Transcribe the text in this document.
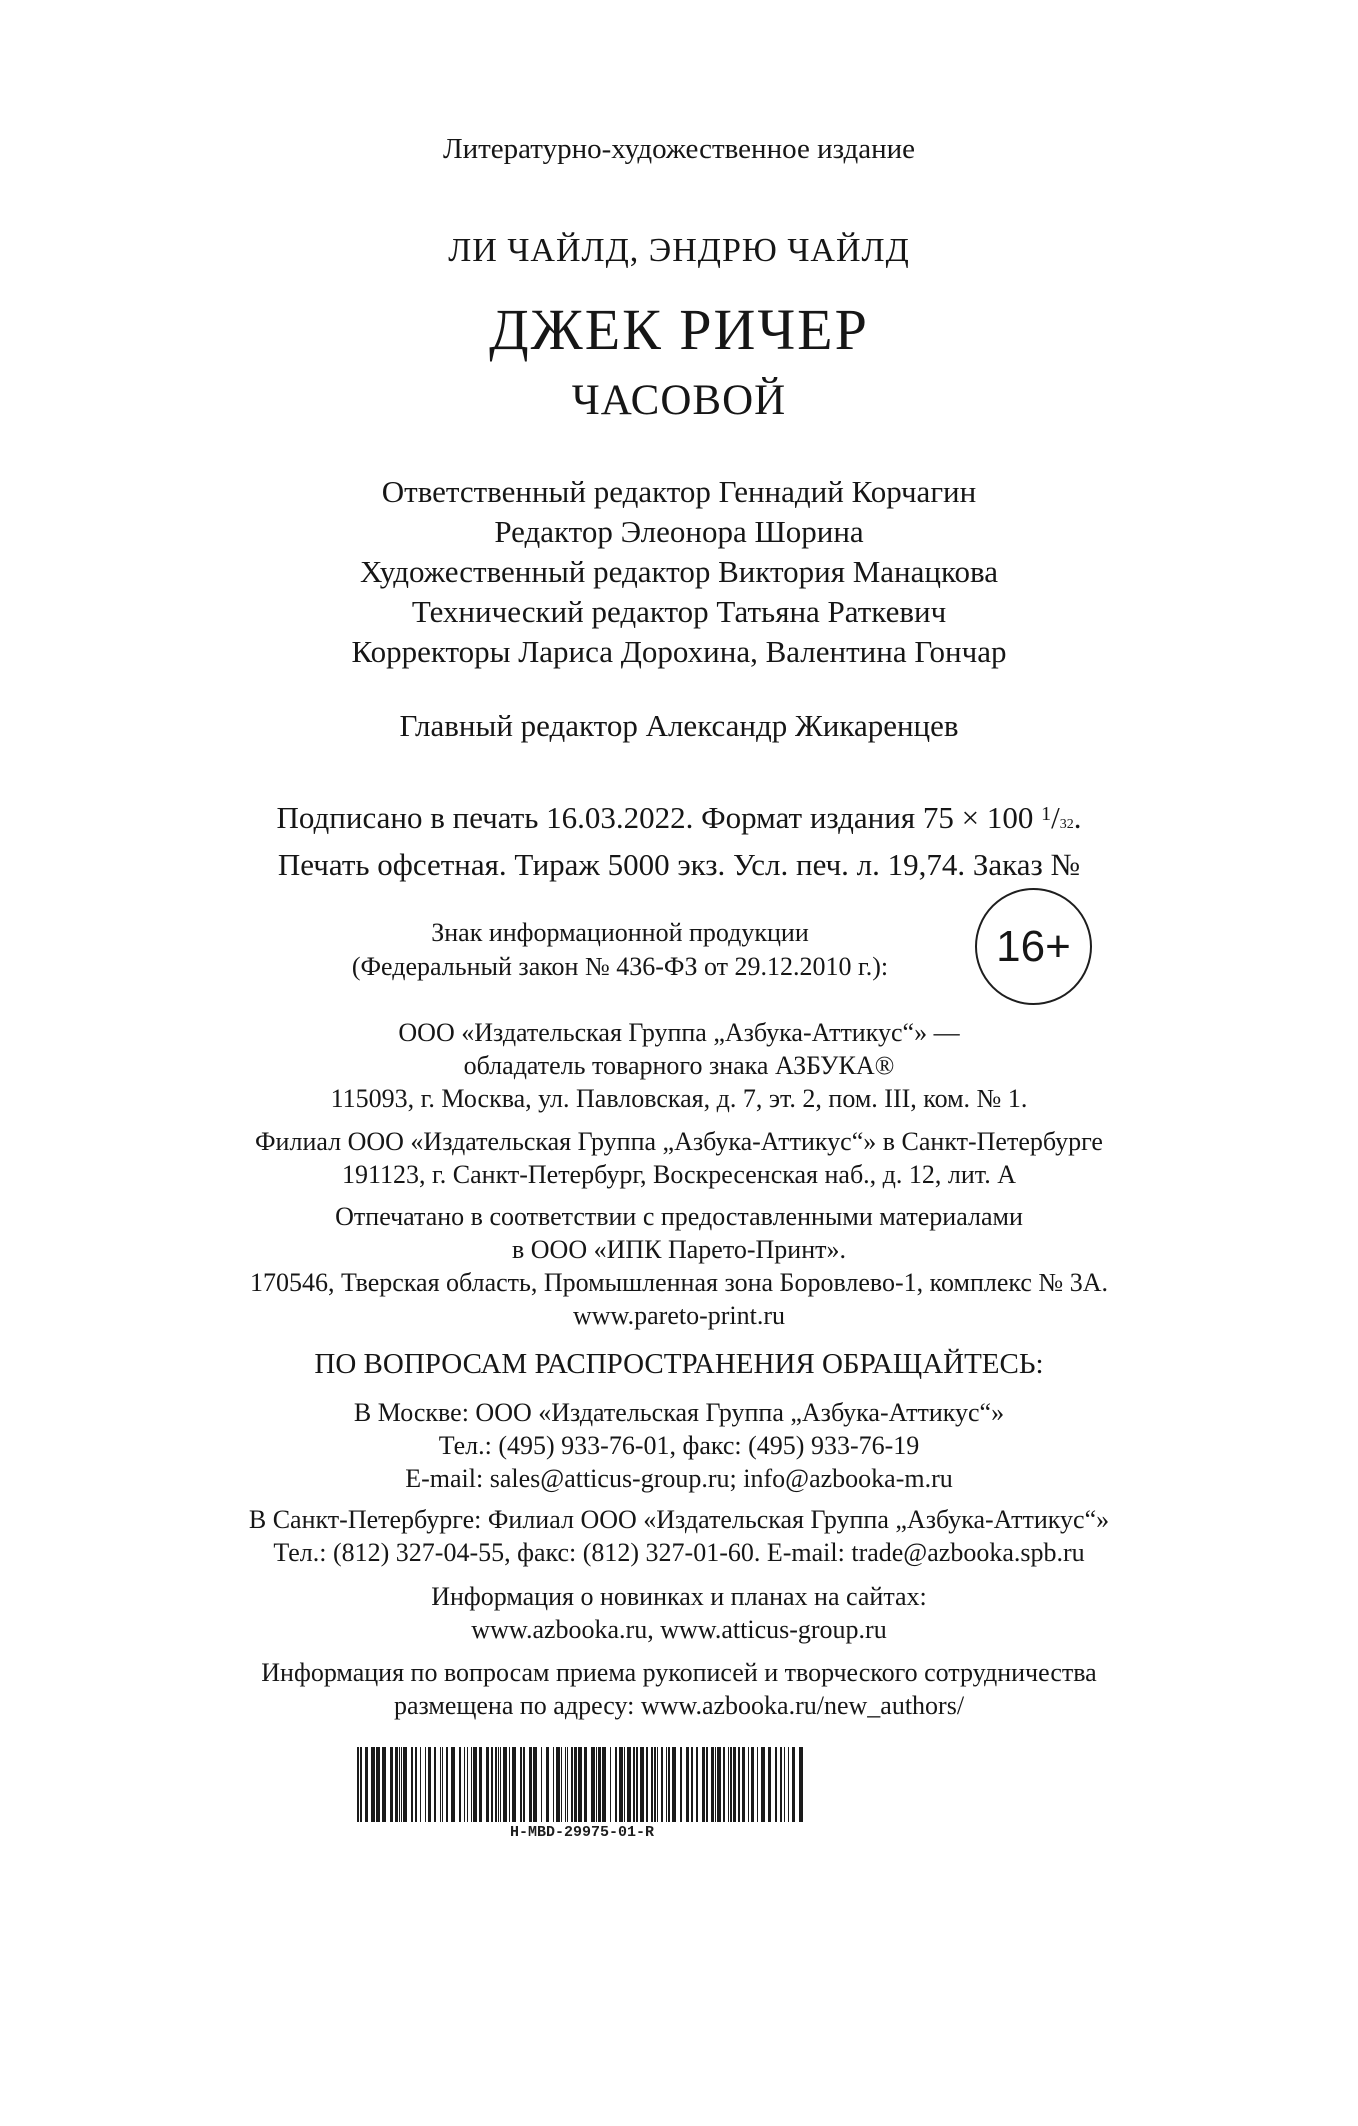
Литературно-художественное издание
ЛИ ЧАЙЛД, ЭНДРЮ ЧАЙЛД
ДЖЕК РИЧЕР
ЧАСОВОЙ
Ответственный редактор Геннадий Корчагин
Редактор Элеонора Шорина
Художественный редактор Виктория Манацкова
Технический редактор Татьяна Раткевич
Корректоры Лариса Дорохина, Валентина Гончар
Главный редактор Александр Жикаренцев
Подписано в печать 16.03.2022. Формат издания 75 × 100 $^1$/32.
Печать офсетная. Тираж 5000 экз. Усл. печ. л. 19,74. Заказ №
Знак информационной продукции
(Федеральный закон № 436-ФЗ от 29.12.2010 г.):	16+
ООО «Издательская Группа „Азбука-Аттикус“» —
обладатель товарного знака АЗБУКА®
115093, г. Москва, ул. Павловская, д. 7, эт. 2, пом. III, ком. № 1.
Филиал ООО «Издательская Группа „Азбука-Аттикус“» в Санкт-Петербурге
191123, г. Санкт-Петербург, Воскресенская наб., д. 12, лит. А
Отпечатано в соответствии с предоставленными материалами
в ООО «ИПК Парето-Принт».
170546, Тверская область, Промышленная зона Боровлево-1, комплекс № 3А.
www.pareto-print.ru
ПО ВОПРОСАМ РАСПРОСТРАНЕНИЯ ОБРАЩАЙТЕСЬ:
В Москве: ООО «Издательская Группа „Азбука-Аттикус“»
Тел.: (495) 933-76-01, факс: (495) 933-76-19
E-mail: sales@atticus-group.ru; info@azbooka-m.ru
В Санкт-Петербурге: Филиал ООО «Издательская Группа „Азбука-Аттикус“»
Тел.: (812) 327-04-55, факс: (812) 327-01-60. E-mail: trade@azbooka.spb.ru
Информация о новинках и планах на сайтах:
www.azbooka.ru, www.atticus-group.ru
Информация по вопросам приема рукописей и творческого сотрудничества
размещена по адресу: www.azbooka.ru/new_authors/
H-MBD-29975-01-R
